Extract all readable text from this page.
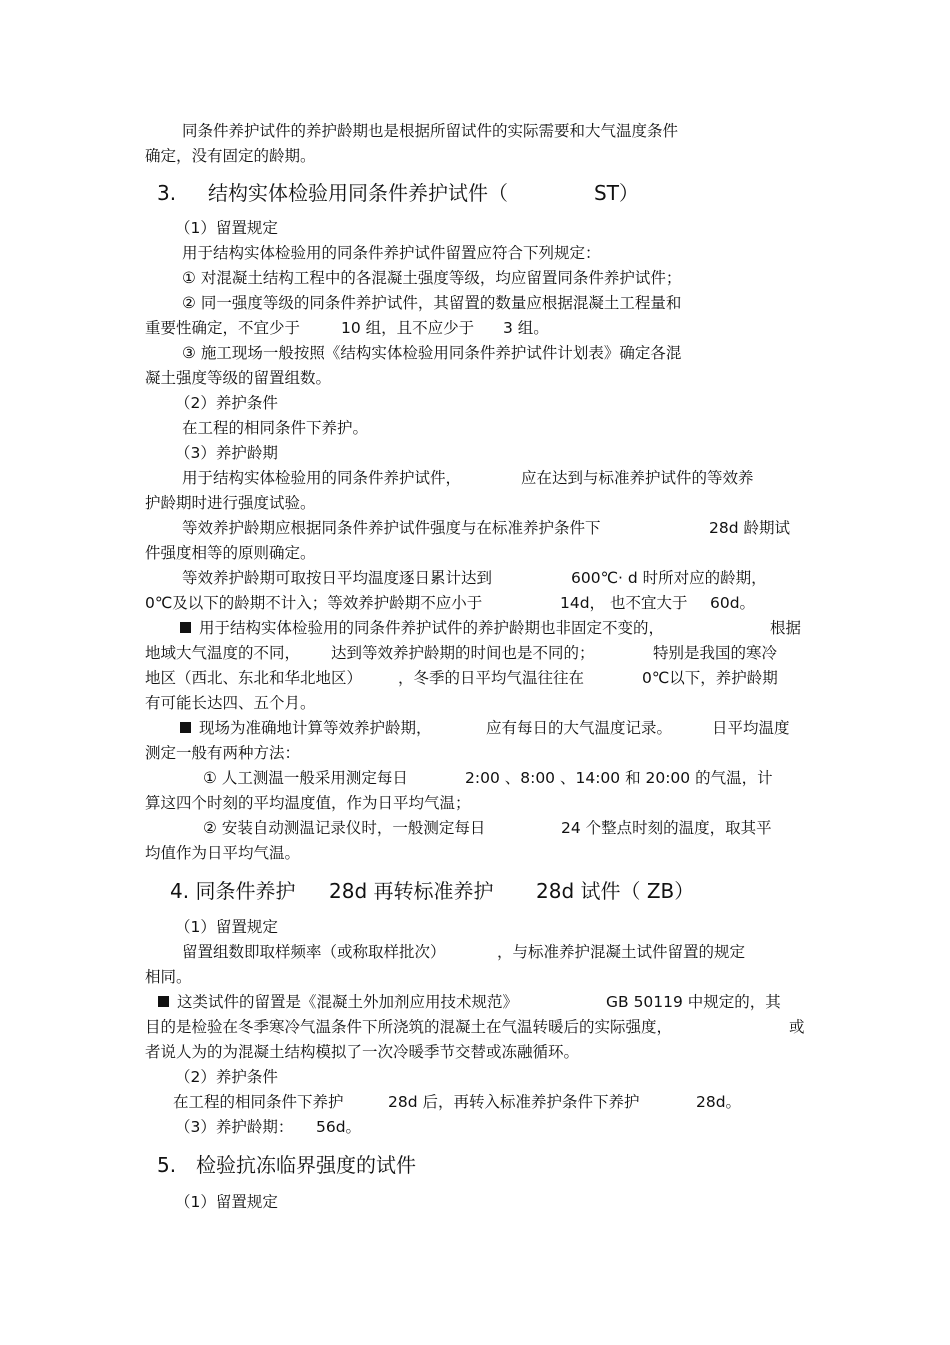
同条件养护试件的养护龄期也是根据所留试件的实际需要和大气温度条件
确定，没有固定的龄期。
3. 结构实体检验用同条件养护试件（	ST）
（1）留置规定
用于结构实体检验用的同条件养护试件留置应符合下列规定：
① 对混凝土结构工程中的各混凝土强度等级，均应留置同条件养护试件；
② 同一强度等级的同条件养护试件，其留置的数量应根据混凝土工程量和
重要性确定，不宜少于	10 组，且不应少于 3 组。
③ 施工现场一般按照《结构实体检验用同条件养护试件计划表》确定各混
凝土强度等级的留置组数。
（2）养护条件
在工程的相同条件下养护。
（3）养护龄期
用于结构实体检验用的同条件养护试件，	应在达到与标准养护试件的等效养
护龄期时进行强度试验。
等效养护龄期应根据同条件养护试件强度与在标准养护条件下	28d 龄期试
件强度相等的原则确定。
等效养护龄期可取按日平均温度逐日累计达到	600℃· d 时所对应的龄期，
0℃及以下的龄期不计入；等效养护龄期不应小于	14d， 也不宜大于 60d。
用于结构实体检验用的同条件养护试件的养护龄期也非固定不变的，	根据
地域大气温度的不同， 达到等效养护龄期的时间也是不同的；	特别是我国的寒冷
地区（西北、东北和华北地区） ，冬季的日平均气温往往在	0℃以下，养护龄期
有可能长达四、五个月。
现场为准确地计算等效养护龄期，	应有每日的大气温度记录。	日平均温度
测定一般有两种方法：
① 人工测温一般采用测定每日	2:00 、8:00 、14:00 和 20:00 的气温，计
算这四个时刻的平均温度值，作为日平均气温；
② 安装自动测温记录仪时，一般测定每日	24 个整点时刻的温度，取其平
均值作为日平均气温。
4. 同条件养护 28d 再转标准养护 28d 试件（ ZB）
（1）留置规定
留置组数即取样频率（或称取样批次）	，与标准养护混凝土试件留置的规定
相同。
这类试件的留置是《混凝土外加剂应用技术规范》	GB 50119 中规定的，其
目的是检验在冬季寒冷气温条件下所浇筑的混凝土在气温转暖后的实际强度，	或
者说人为的为混凝土结构模拟了一次冷暖季节交替或冻融循环。
（2）养护条件
在工程的相同条件下养护	28d 后，再转入标准养护条件下养护	28d。
（3）养护龄期： 56d。
5. 检验抗冻临界强度的试件
（1）留置规定
